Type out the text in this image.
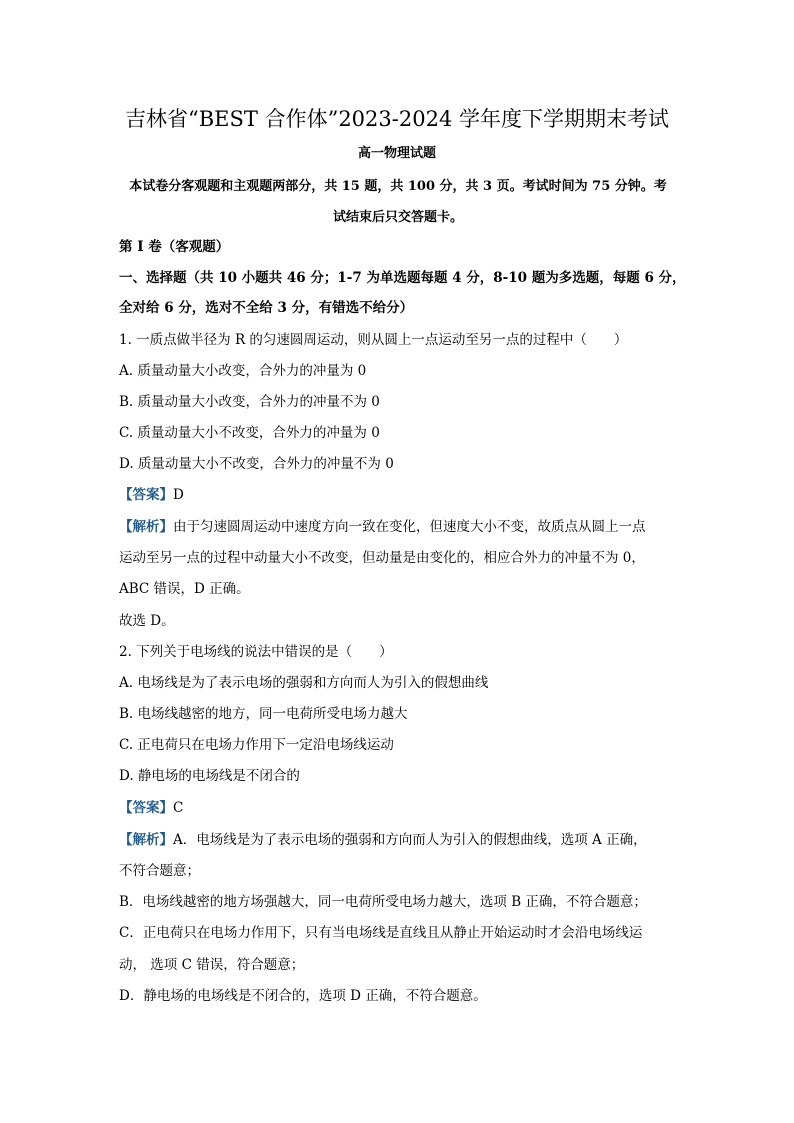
吉林省“BEST 合作体”2023-2024 学年度下学期期末考试
高一物理试题
本试卷分客观题和主观题两部分，共 15 题，共 100 分，共 3 页。考试时间为 75 分钟。考
试结束后只交答题卡。
第 I 卷（客观题）
一、选择题（共 10 小题共 46 分；1-7 为单选题每题 4 分，8-10 题为多选题，每题 6 分，
全对给 6 分，选对不全给 3 分，有错选不给分）
1. 一质点做半径为 R 的匀速圆周运动，则从圆上一点运动至另一点的过程中（　　）
A. 质量动量大小改变，合外力的冲量为 0
B. 质量动量大小改变，合外力的冲量不为 0
C. 质量动量大小不改变，合外力的冲量为 0
D. 质量动量大小不改变，合外力的冲量不为 0
【答案】D
【解析】由于匀速圆周运动中速度方向一致在变化，但速度大小不变，故质点从圆上一点
运动至另一点的过程中动量大小不改变，但动量是由变化的，相应合外力的冲量不为 0，
ABC 错误，D 正确。
故选 D。
2. 下列关于电场线的说法中错误的是（　　）
A. 电场线是为了表示电场的强弱和方向而人为引入的假想曲线
B. 电场线越密的地方，同一电荷所受电场力越大
C. 正电荷只在电场力作用下一定沿电场线运动
D. 静电场的电场线是不闭合的
【答案】C
【解析】A．电场线是为了表示电场的强弱和方向而人为引入的假想曲线，选项 A 正确，
不符合题意；
B．电场线越密的地方场强越大，同一电荷所受电场力越大，选项 B 正确，不符合题意；
C．正电荷只在电场力作用下，只有当电场线是直线且从静止开始运动时才会沿电场线运
动， 选项 C 错误，符合题意；
D．静电场的电场线是不闭合的，选项 D 正确，不符合题意。
